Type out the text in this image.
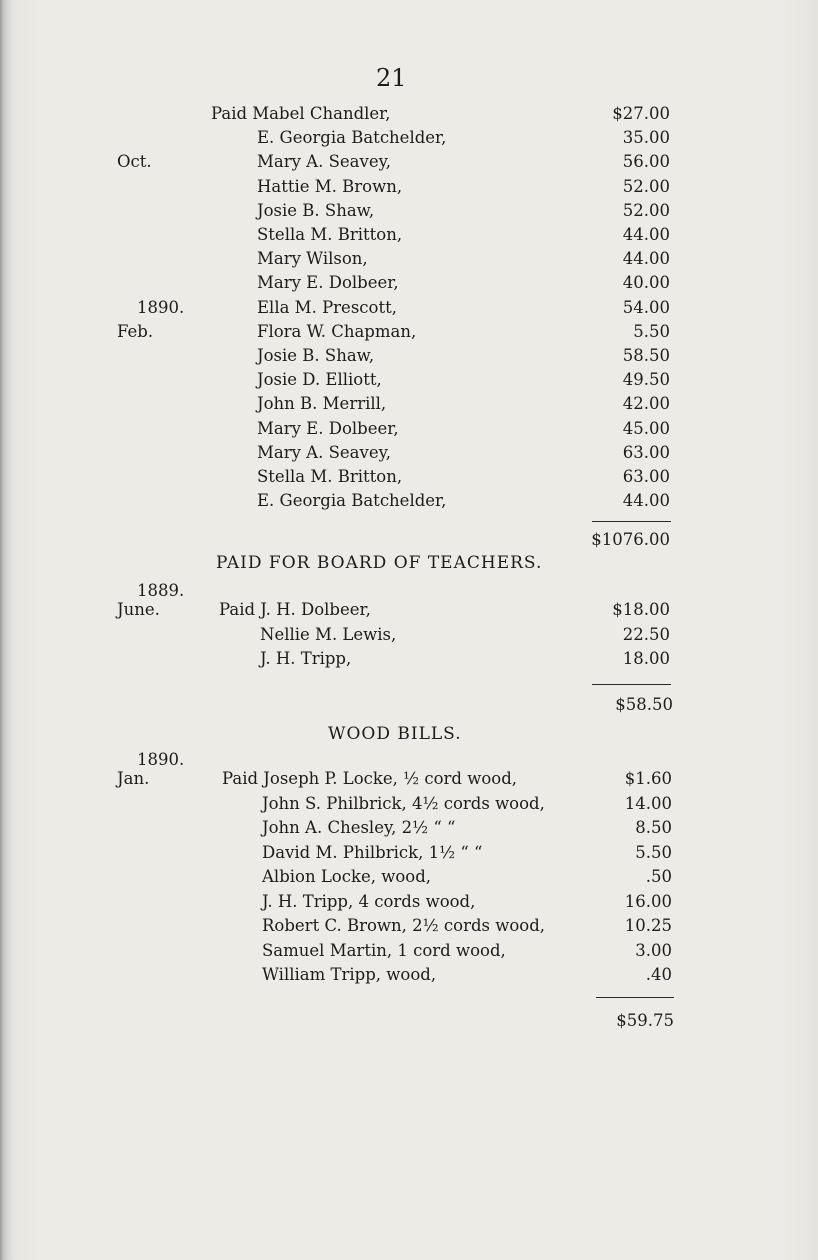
21
Paid Mabel Chandler,	$27.00
E. Georgia Batchelder,	35.00
Oct.	Mary A. Seavey,	56.00
Hattie M. Brown,	52.00
Josie B. Shaw,	52.00
Stella M. Britton,	44.00
Mary Wilson,	44.00
Mary E. Dolbeer,	40.00
1890.	Ella M. Prescott,	54.00
Feb.	Flora W. Chapman,	5.50
Josie B. Shaw,	58.50
Josie D. Elliott,	49.50
John B. Merrill,	42.00
Mary E. Dolbeer,	45.00
Mary A. Seavey,	63.00
Stella M. Britton,	63.00
E. Georgia Batchelder,	44.00
$1076.00
PAID FOR BOARD OF TEACHERS.
1889.
June.	Paid J. H. Dolbeer,	$18.00
Nellie M. Lewis,	22.50
J. H. Tripp,	18.00
$58.50
WOOD BILLS.
1890.
Jan.	Paid Joseph P. Locke, ½ cord wood,	$1.60
John S. Philbrick, 4½ cords wood,	14.00
John A. Chesley, 2½ “ “	8.50
David M. Philbrick, 1½ “ “	5.50
Albion Locke, wood,	.50
J. H. Tripp, 4 cords wood,	16.00
Robert C. Brown, 2½ cords wood,	10.25
Samuel Martin, 1 cord wood,	3.00
William Tripp, wood,	.40
$59.75
